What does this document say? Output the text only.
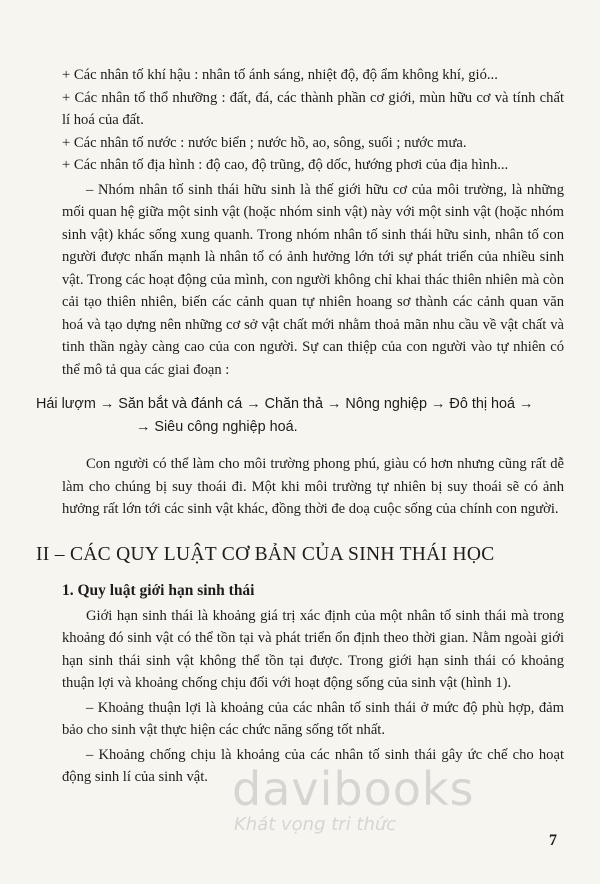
+ Các nhân tố khí hậu : nhân tố ánh sáng, nhiệt độ, độ ẩm không khí, gió...

+ Các nhân tố thổ nhưỡng : đất, đá, các thành phần cơ giới, mùn hữu cơ và tính chất lí hoá của đất.

+ Các nhân tố nước : nước biển ; nước hồ, ao, sông, suối ; nước mưa.

+ Các nhân tố địa hình : độ cao, độ trũng, độ dốc, hướng phơi của địa hình...

– Nhóm nhân tố sinh thái hữu sinh là thế giới hữu cơ của môi trường, là những mối quan hệ giữa một sinh vật (hoặc nhóm sinh vật) này với một sinh vật (hoặc nhóm sinh vật) khác sống xung quanh. Trong nhóm nhân tố sinh thái hữu sinh, nhân tố con người được nhấn mạnh là nhân tố có ảnh hưởng lớn tới sự phát triển của nhiều sinh vật. Trong các hoạt động của mình, con người không chỉ khai thác thiên nhiên mà còn cải tạo thiên nhiên, biến các cảnh quan tự nhiên hoang sơ thành các cảnh quan văn hoá và tạo dựng nên những cơ sở vật chất mới nhằm thoả mãn nhu cầu về vật chất và tinh thần ngày càng cao của con người. Sự can thiệp của con người vào tự nhiên có thể mô tả qua các giai đoạn :

Hái lượm → Săn bắt và đánh cá → Chăn thả → Nông nghiệp → Đô thị hoá →
→ Siêu công nghiệp hoá.

Con người có thể làm cho môi trường phong phú, giàu có hơn nhưng cũng rất dễ làm cho chúng bị suy thoái đi. Một khi môi trường tự nhiên bị suy thoái sẽ có ảnh hưởng rất lớn tới các sinh vật khác, đồng thời đe doạ cuộc sống của chính con người.

II – CÁC QUY LUẬT CƠ BẢN CỦA SINH THÁI HỌC
1. Quy luật giới hạn sinh thái

Giới hạn sinh thái là khoảng giá trị xác định của một nhân tố sinh thái mà trong khoảng đó sinh vật có thể tồn tại và phát triển ổn định theo thời gian. Nằm ngoài giới hạn sinh thái sinh vật không thể tồn tại được. Trong giới hạn sinh thái có khoảng thuận lợi và khoảng chống chịu đối với hoạt động sống của sinh vật (hình 1).

– Khoảng thuận lợi là khoảng của các nhân tố sinh thái ở mức độ phù hợp, đảm bảo cho sinh vật thực hiện các chức năng sống tốt nhất.

– Khoảng chống chịu là khoảng của các nhân tố sinh thái gây ức chế cho hoạt động sinh lí của sinh vật. davibooks
Khát vọng tri thức
7
